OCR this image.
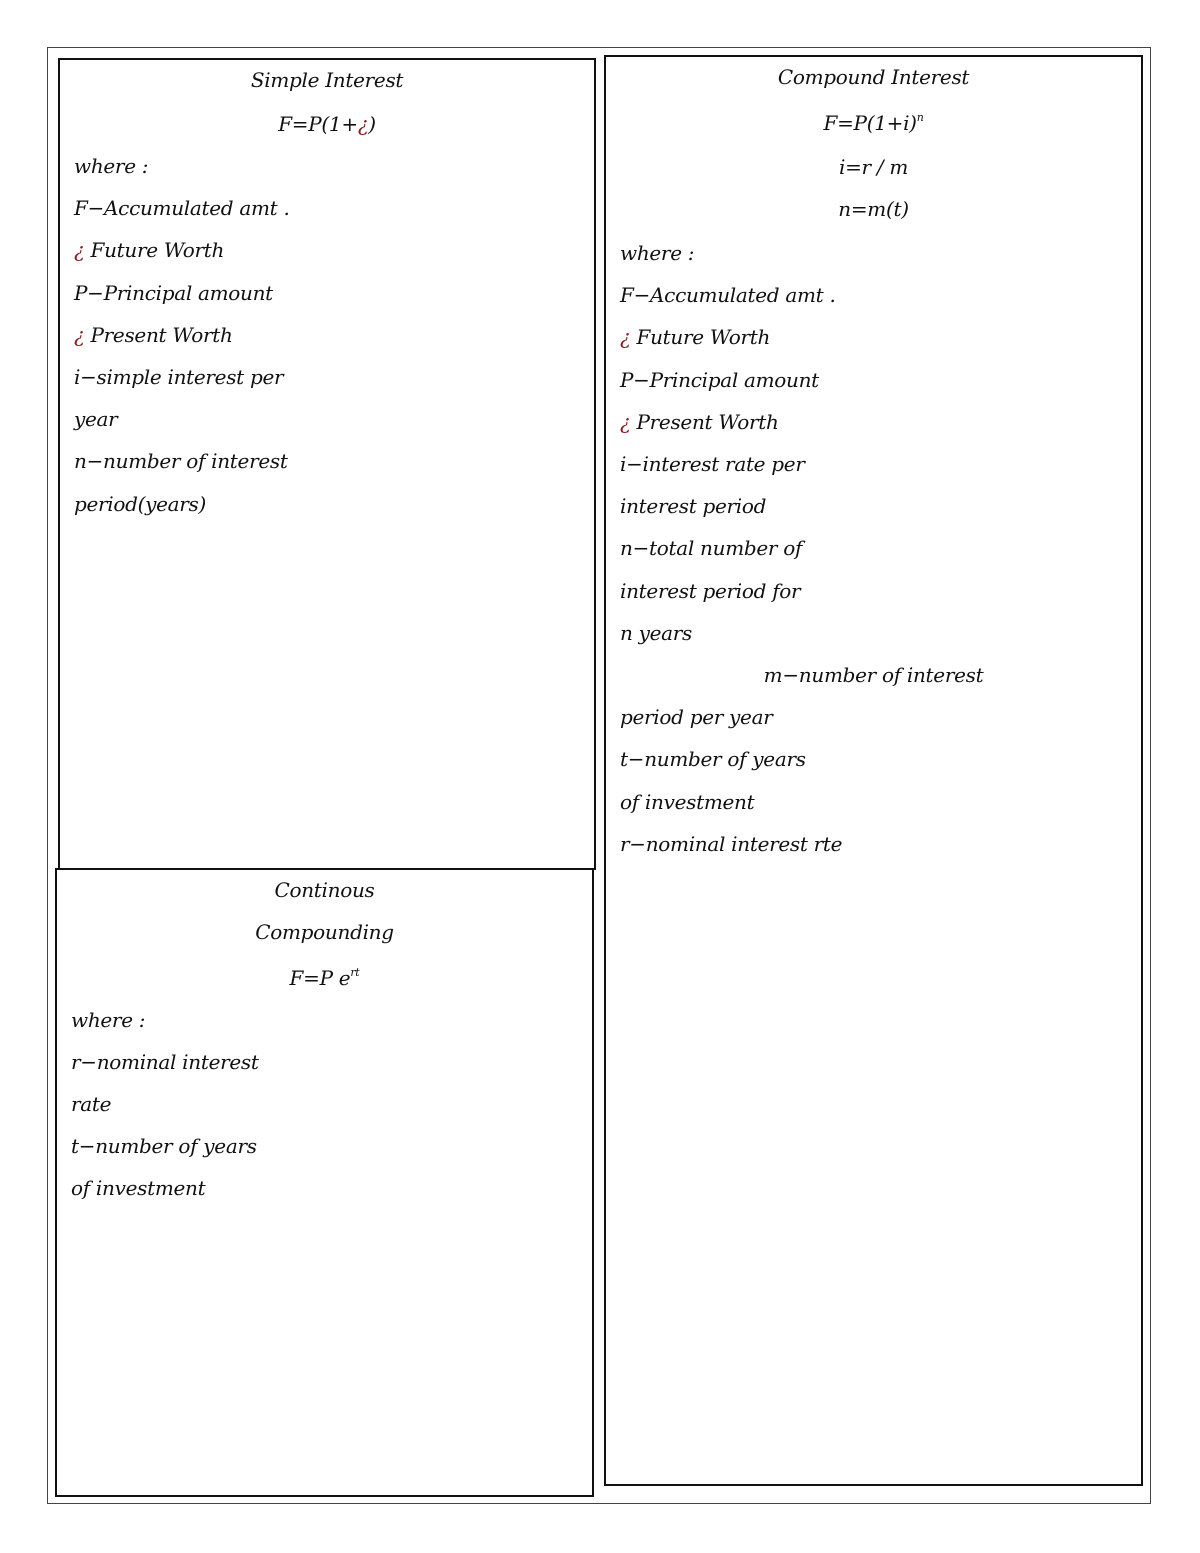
Simple Interest
F=P(1+¿)
where :
F−Accumulated amt .
¿ Future Worth
P−Principal amount
¿ Present Worth
i−simple interest per
year
n−number of interest
period(years)
Continous
Compounding
F=P $e^{rt}$
where :
r−nominal interest
rate
t−number of years
of investment
Compound Interest
$F=P(1+i)^n$
i=r / m
n=m(t)
where :
F−Accumulated amt .
¿ Future Worth
P−Principal amount
¿ Present Worth
i−interest rate per
interest period
n−total number of
interest period for
n years
m−number of interest
period per year
t−number of years
of investment
r−nominal interest rte
